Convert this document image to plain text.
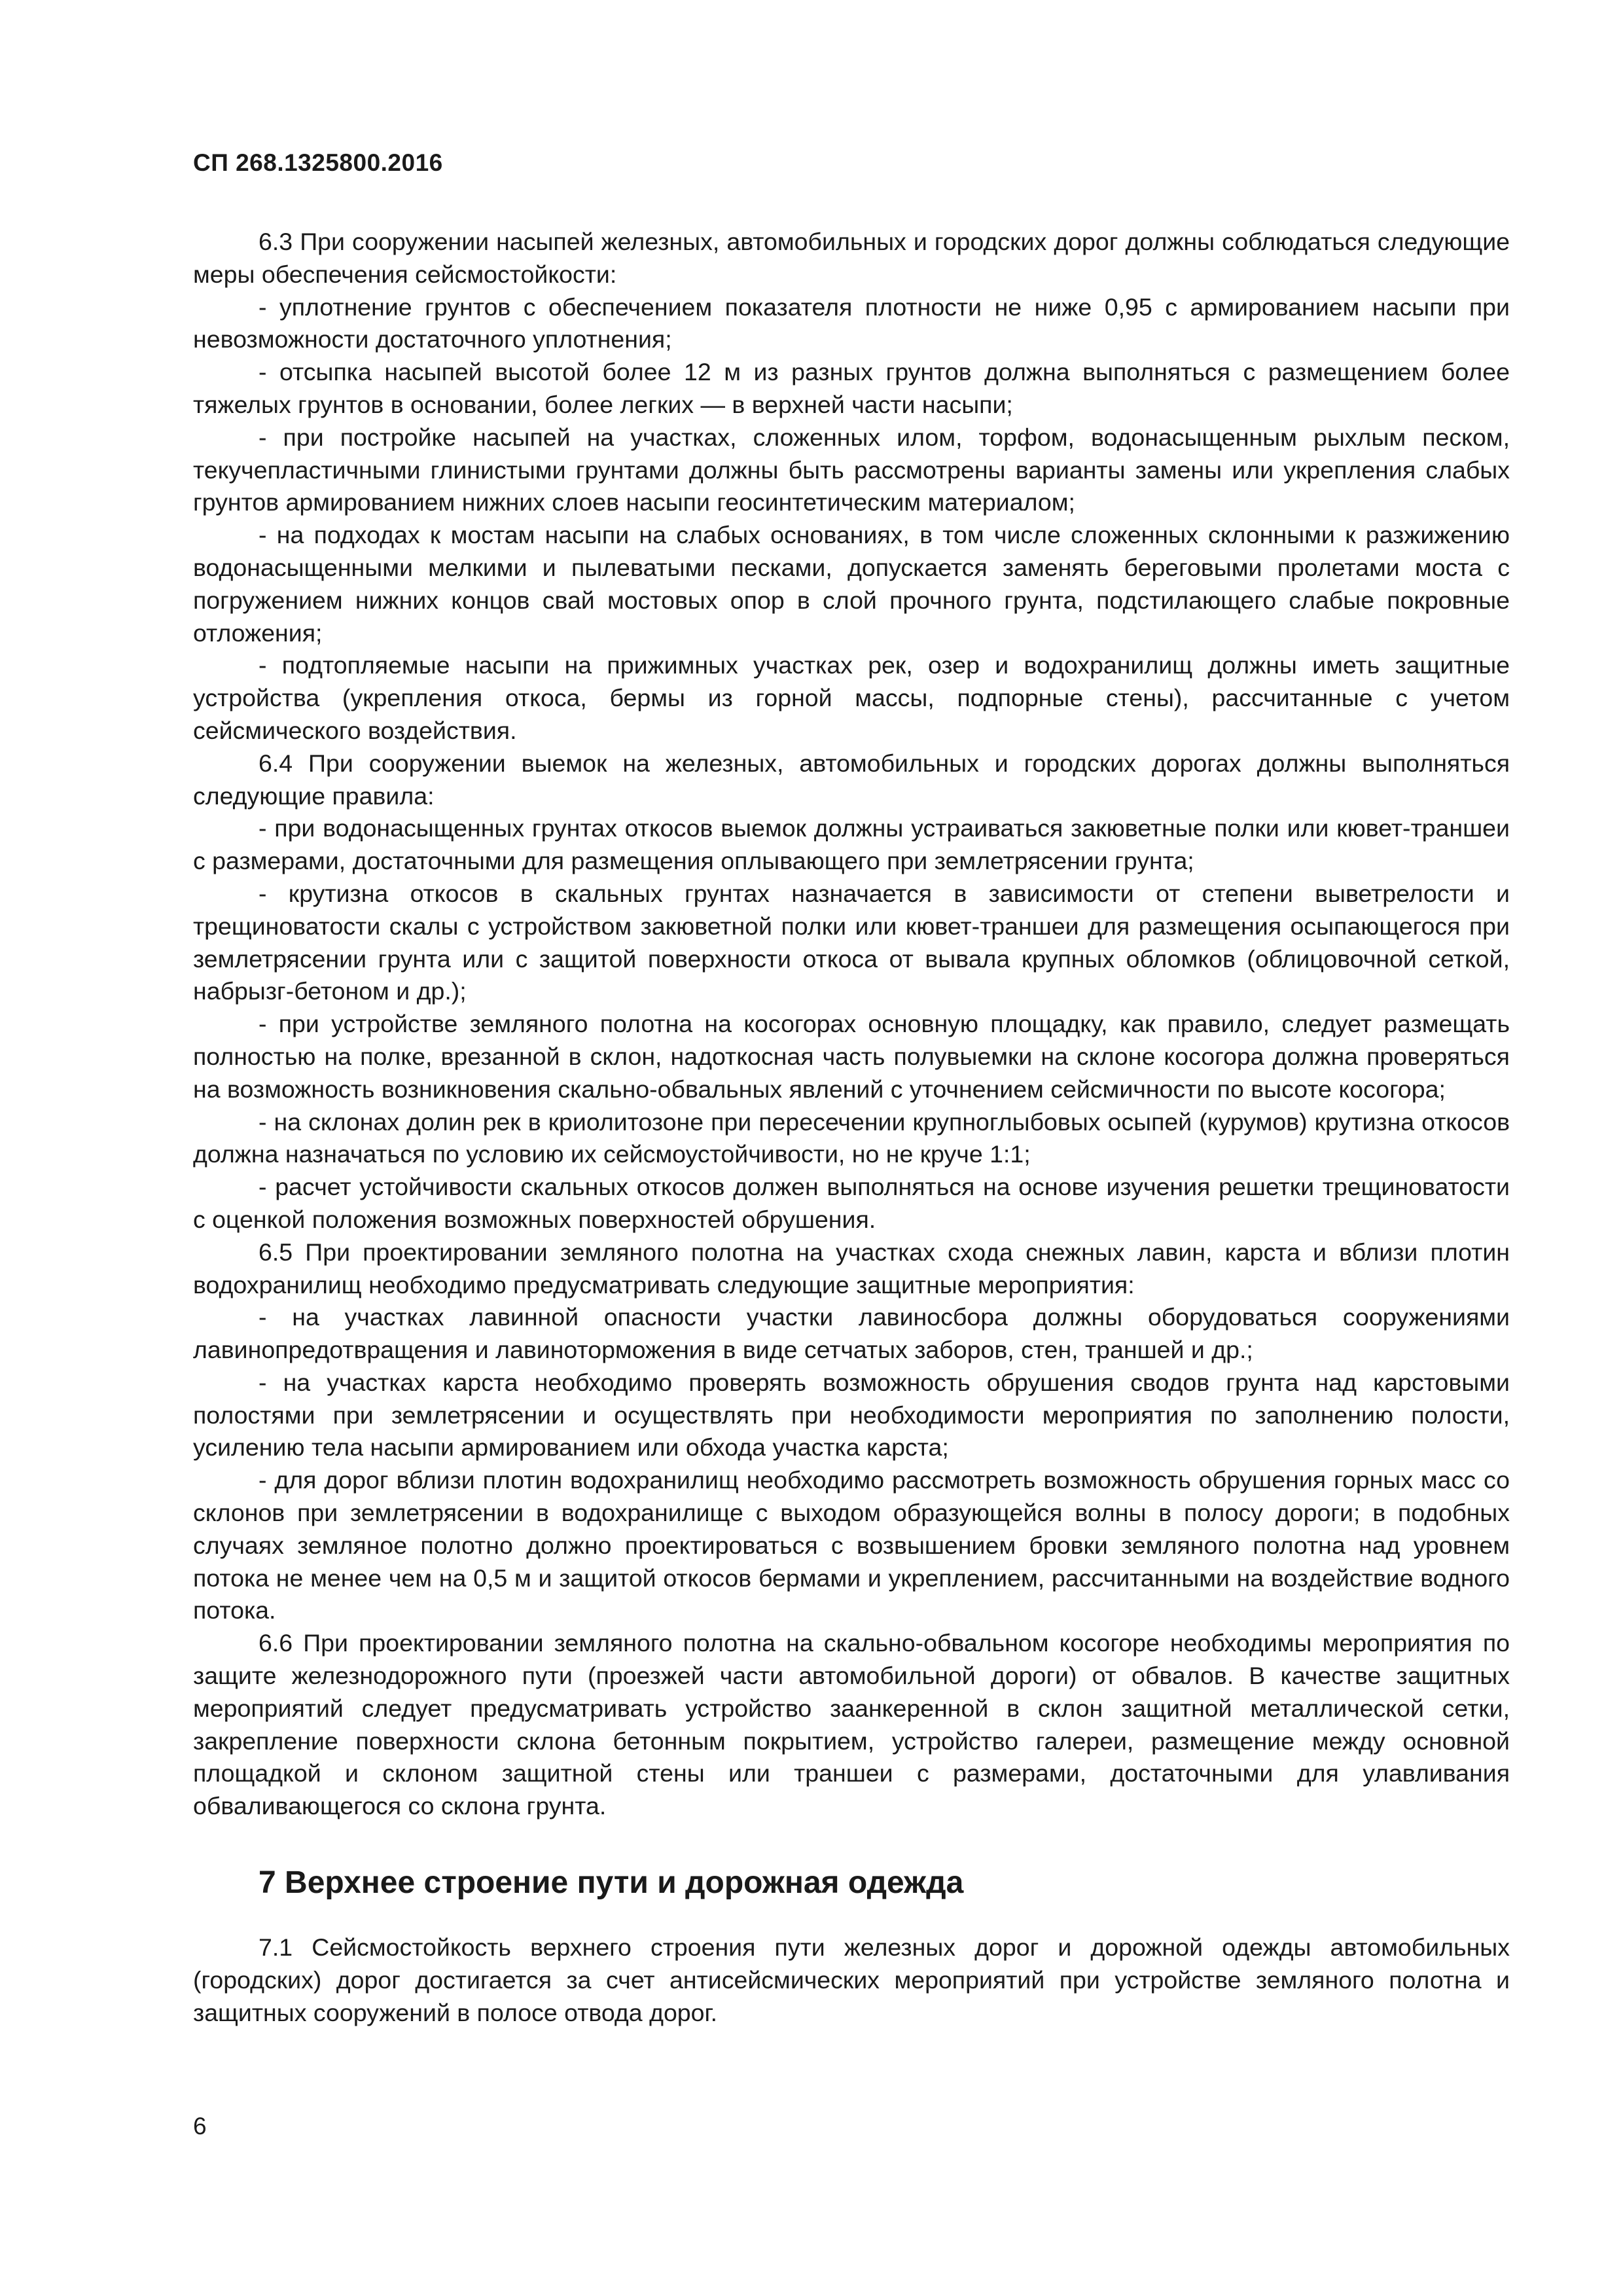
СП 268.1325800.2016

6.3 При сооружении насыпей железных, автомобильных и городских дорог должны соблюдаться следующие меры обеспечения сейсмостойкости:

- уплотнение грунтов с обеспечением показателя плотности не ниже 0,95 с армированием насыпи при невозможности достаточного уплотнения;

- отсыпка насыпей высотой более 12 м из разных грунтов должна выполняться с размещением более тяжелых грунтов в основании, более легких — в верхней части насыпи;

- при постройке насыпей на участках, сложенных илом, торфом, водонасыщенным рыхлым песком, текучепластичными глинистыми грунтами должны быть рассмотрены варианты замены или укрепления слабых грунтов армированием нижних слоев насыпи геосинтетическим материалом;

- на подходах к мостам насыпи на слабых основаниях, в том числе сложенных склонными к разжижению водонасыщенными мелкими и пылеватыми песками, допускается заменять береговыми пролетами моста с погружением нижних концов свай мостовых опор в слой прочного грунта, подстилающего слабые покровные отложения;

- подтопляемые насыпи на прижимных участках рек, озер и водохранилищ должны иметь защитные устройства (укрепления откоса, бермы из горной массы, подпорные стены), рассчитанные с учетом сейсмического воздействия.

6.4 При сооружении выемок на железных, автомобильных и городских дорогах должны выполняться следующие правила:

- при водонасыщенных грунтах откосов выемок должны устраиваться закюветные полки или кювет-траншеи с размерами, достаточными для размещения оплывающего при землетрясении грунта;

- крутизна откосов в скальных грунтах назначается в зависимости от степени выветрелости и трещиноватости скалы с устройством закюветной полки или кювет-траншеи для размещения осыпающегося при землетрясении грунта или с защитой поверхности откоса от вывала крупных обломков (облицовочной сеткой, набрызг-бетоном и др.);

- при устройстве земляного полотна на косогорах основную площадку, как правило, следует размещать полностью на полке, врезанной в склон, надоткосная часть полувыемки на склоне косогора должна проверяться на возможность возникновения скально-обвальных явлений с уточнением сейсмичности по высоте косогора;

- на склонах долин рек в криолитозоне при пересечении крупноглыбовых осыпей (курумов) крутизна откосов должна назначаться по условию их сейсмоустойчивости, но не круче 1:1;

- расчет устойчивости скальных откосов должен выполняться на основе изучения решетки трещиноватости с оценкой положения возможных поверхностей обрушения.

6.5 При проектировании земляного полотна на участках схода снежных лавин, карста и вблизи плотин водохранилищ необходимо предусматривать следующие защитные мероприятия:

- на участках лавинной опасности участки лавиносбора должны оборудоваться сооружениями лавинопредотвращения и лавиноторможения в виде сетчатых заборов, стен, траншей и др.;

- на участках карста необходимо проверять возможность обрушения сводов грунта над карстовыми полостями при землетрясении и осуществлять при необходимости мероприятия по заполнению полости, усилению тела насыпи армированием или обхода участка карста;

- для дорог вблизи плотин водохранилищ необходимо рассмотреть возможность обрушения горных масс со склонов при землетрясении в водохранилище с выходом образующейся волны в полосу дороги; в подобных случаях земляное полотно должно проектироваться с возвышением бровки земляного полотна над уровнем потока не менее чем на 0,5 м и защитой откосов бермами и укреплением, рассчитанными на воздействие водного потока.

6.6 При проектировании земляного полотна на скально-обвальном косогоре необходимы мероприятия по защите железнодорожного пути (проезжей части автомобильной дороги) от обвалов. В качестве защитных мероприятий следует предусматривать устройство заанкеренной в склон защитной металлической сетки, закрепление поверхности склона бетонным покрытием, устройство галереи, размещение между основной площадкой и склоном защитной стены или траншеи с размерами, достаточными для улавливания обваливающегося со склона грунта.

7 Верхнее строение пути и дорожная одежда

7.1 Сейсмостойкость верхнего строения пути железных дорог и дорожной одежды автомобильных (городских) дорог достигается за счет антисейсмических мероприятий при устройстве земляного полотна и защитных сооружений в полосе отвода дорог.

6
